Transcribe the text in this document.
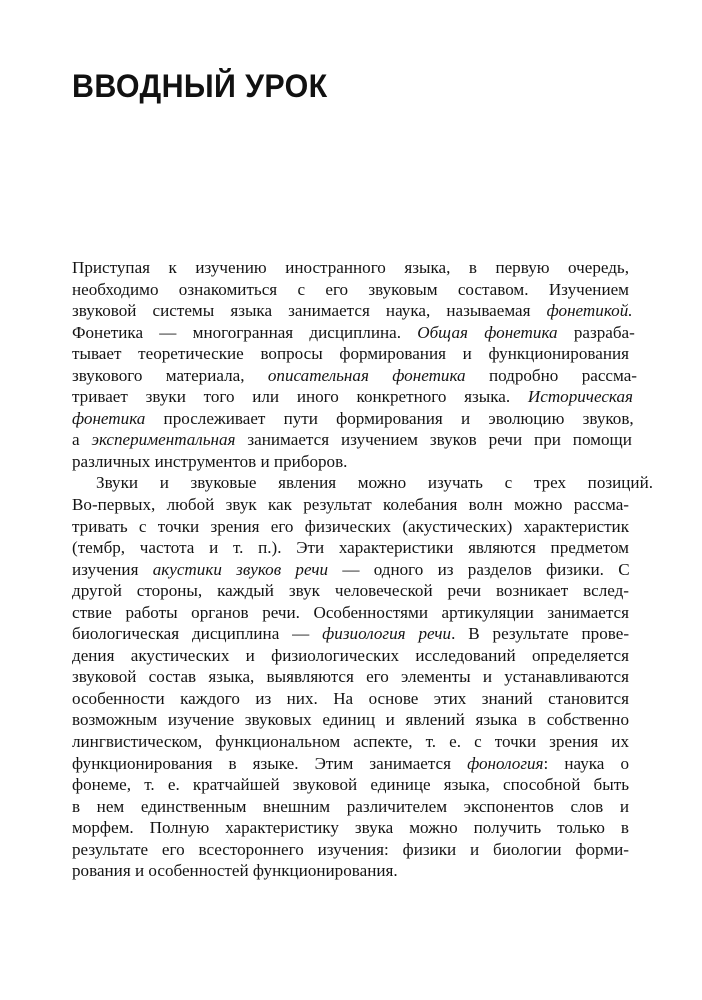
ВВОДНЫЙ УРОК

Приступая к изучению иностранного языка, в первую очередь,
необходимо ознакомиться с его звуковым составом. Изучением
звуковой системы языка занимается наука, называемая фонетикой.
Фонетика — многогранная дисциплина. Общая фонетика разраба-
тывает теоретические вопросы формирования и функционирования
звукового материала, описательная фонетика подробно рассма-
тривает звуки того или иного конкретного языка. Историческая
фонетика прослеживает пути формирования и эволюцию звуков,
а экспериментальная занимается изучением звуков речи при помощи
различных инструментов и приборов.

Звуки и звуковые явления можно изучать с трех позиций.
Во-первых, любой звук как результат колебания волн можно рассма-
тривать с точки зрения его физических (акустических) характеристик
(тембр, частота и т. п.). Эти характеристики являются предметом
изучения акустики звуков речи — одного из разделов физики. С
другой стороны, каждый звук человеческой речи возникает вслед-
ствие работы органов речи. Особенностями артикуляции занимается
биологическая дисциплина — физиология речи. В результате прове-
дения акустических и физиологических исследований определяется
звуковой состав языка, выявляются его элементы и устанавливаются
особенности каждого из них. На основе этих знаний становится
возможным изучение звуковых единиц и явлений языка в собственно
лингвистическом, функциональном аспекте, т. е. с точки зрения их
функционирования в языке. Этим занимается фонология: наука о
фонеме, т. е. кратчайшей звуковой единице языка, способной быть
в нем единственным внешним различителем экспонентов слов и
морфем. Полную характеристику звука можно получить только в
результате его всестороннего изучения: физики и биологии форми-
рования и особенностей функционирования.
